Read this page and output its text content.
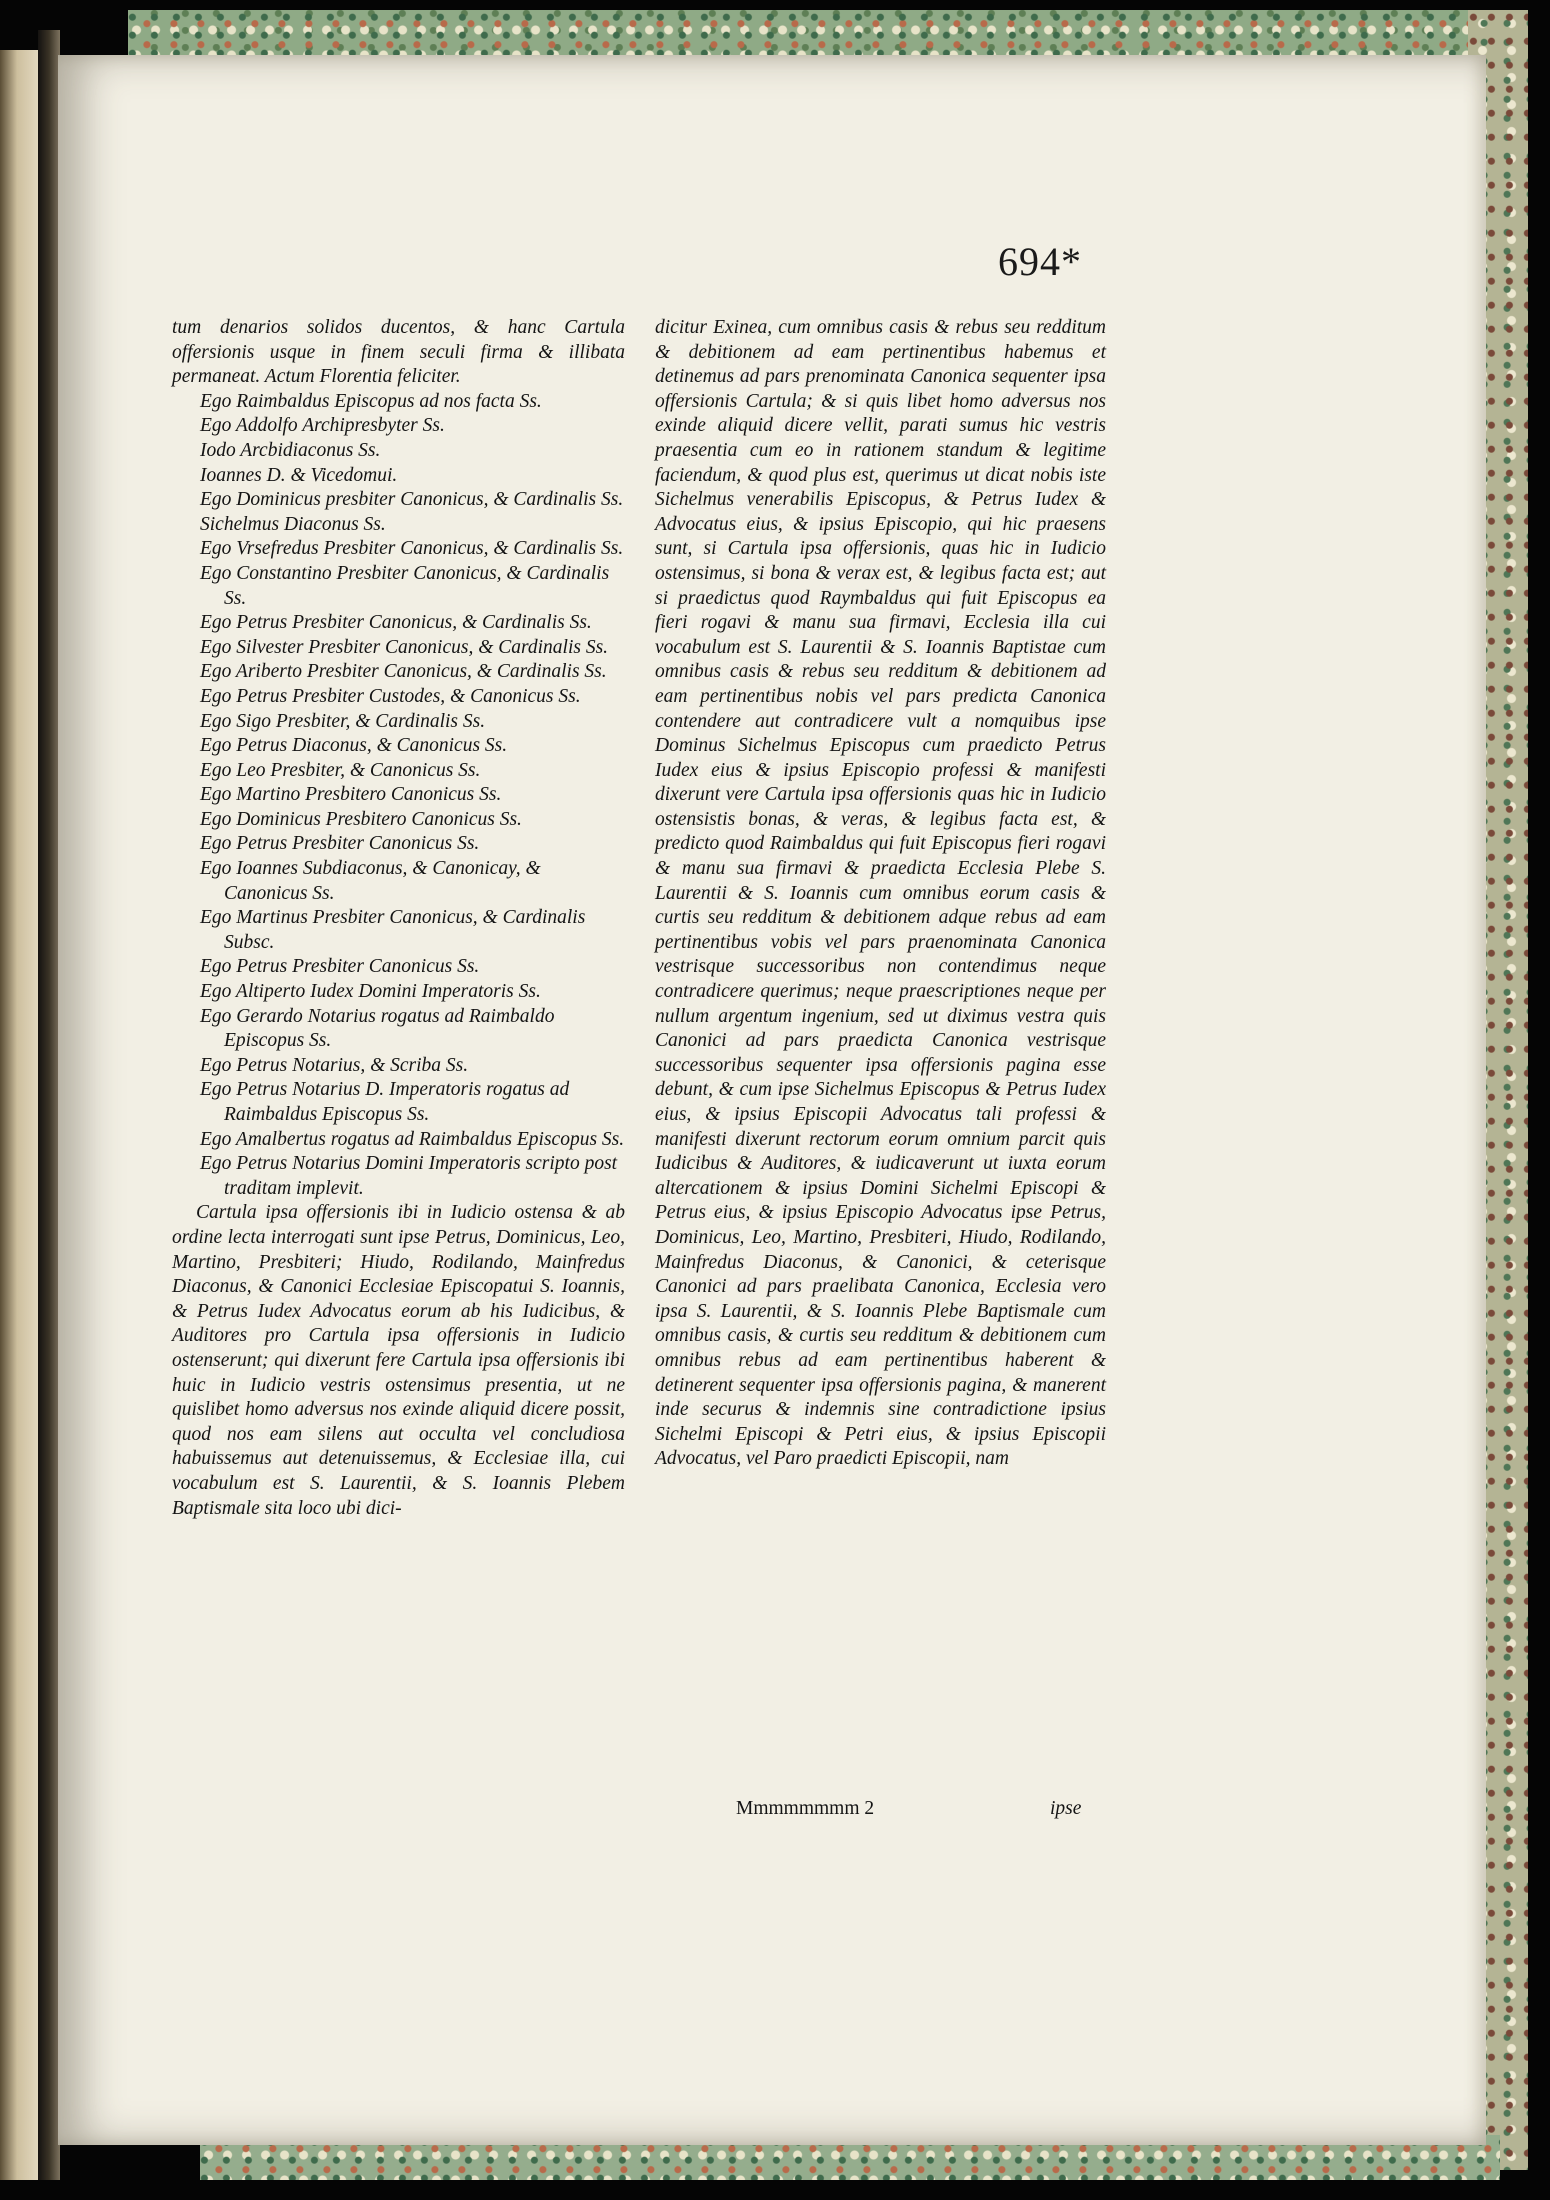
694*

tum denarios solidos ducentos, & hanc Cartula offersionis usque in finem seculi firma & illibata permaneat. Actum Florentia feliciter.

Ego Raimbaldus Episcopus ad nos facta Ss.

Ego Addolfo Archipresbyter Ss.

Iodo Arcbidiaconus Ss.

Ioannes D. & Vicedomui.

Ego Dominicus presbiter Canonicus, & Cardinalis Ss.

Sichelmus Diaconus Ss.

Ego Vrsefredus Presbiter Canonicus, & Cardinalis Ss.

Ego Constantino Presbiter Canonicus, & Cardinalis Ss.

Ego Petrus Presbiter Canonicus, & Cardinalis Ss.

Ego Silvester Presbiter Canonicus, & Cardinalis Ss.

Ego Ariberto Presbiter Canonicus, & Cardinalis Ss.

Ego Petrus Presbiter Custodes, & Canonicus Ss.

Ego Sigo Presbiter, & Cardinalis Ss.

Ego Petrus Diaconus, & Canonicus Ss.

Ego Leo Presbiter, & Canonicus Ss.

Ego Martino Presbitero Canonicus Ss.

Ego Dominicus Presbitero Canonicus Ss.

Ego Petrus Presbiter Canonicus Ss.

Ego Ioannes Subdiaconus, & Canonicay, & Canonicus Ss.

Ego Martinus Presbiter Canonicus, & Cardinalis Subsc.

Ego Petrus Presbiter Canonicus Ss.

Ego Altiperto Iudex Domini Imperatoris Ss.

Ego Gerardo Notarius rogatus ad Raimbaldo Episcopus Ss.

Ego Petrus Notarius, & Scriba Ss.

Ego Petrus Notarius D. Imperatoris rogatus ad Raimbaldus Episcopus Ss.

Ego Amalbertus rogatus ad Raimbaldus Episcopus Ss.

Ego Petrus Notarius Domini Imperatoris scripto post traditam implevit.

Cartula ipsa offersionis ibi in Iudicio ostensa & ab ordine lecta interrogati sunt ipse Petrus, Dominicus, Leo, Martino, Presbiteri; Hiudo, Rodilando, Mainfredus Diaconus, & Canonici Ecclesiae Episcopatui S. Ioannis, & Petrus Iudex Advocatus eorum ab his Iudicibus, & Auditores pro Cartula ipsa offersionis in Iudicio ostenserunt; qui dixerunt fere Cartula ipsa offersionis ibi huic in Iudicio vestris ostensimus presentia, ut ne quislibet homo adversus nos exinde aliquid dicere possit, quod nos eam silens aut occulta vel concludiosa habuissemus aut detenuissemus, & Ecclesiae illa, cui vocabulum est S. Laurentii, & S. Ioannis Plebem Baptismale sita loco ubi dici-

dicitur Exinea, cum omnibus casis & rebus seu redditum & debitionem ad eam pertinentibus habemus et detinemus ad pars prenominata Canonica sequenter ipsa offersionis Cartula; & si quis libet homo adversus nos exinde aliquid dicere vellit, parati sumus hic vestris praesentia cum eo in rationem standum & legitime faciendum, & quod plus est, querimus ut dicat nobis iste Sichelmus venerabilis Episcopus, & Petrus Iudex & Advocatus eius, & ipsius Episcopio, qui hic praesens sunt, si Cartula ipsa offersionis, quas hic in Iudicio ostensimus, si bona & verax est, & legibus facta est; aut si praedictus quod Raymbaldus qui fuit Episcopus ea fieri rogavi & manu sua firmavi, Ecclesia illa cui vocabulum est S. Laurentii & S. Ioannis Baptistae cum omnibus casis & rebus seu redditum & debitionem ad eam pertinentibus nobis vel pars predicta Canonica contendere aut contradicere vult a nomquibus ipse Dominus Sichelmus Episcopus cum praedicto Petrus Iudex eius & ipsius Episcopio professi & manifesti dixerunt vere Cartula ipsa offersionis quas hic in Iudicio ostensistis bonas, & veras, & legibus facta est, & predicto quod Raimbaldus qui fuit Episcopus fieri rogavi & manu sua firmavi & praedicta Ecclesia Plebe S. Laurentii & S. Ioannis cum omnibus eorum casis & curtis seu redditum & debitionem adque rebus ad eam pertinentibus vobis vel pars praenominata Canonica vestrisque successoribus non contendimus neque contradicere querimus; neque praescriptiones neque per nullum argentum ingenium, sed ut diximus vestra quis Canonici ad pars praedicta Canonica vestrisque successoribus sequenter ipsa offersionis pagina esse debunt, & cum ipse Sichelmus Episcopus & Petrus Iudex eius, & ipsius Episcopii Advocatus tali professi & manifesti dixerunt rectorum eorum omnium parcit quis Iudicibus & Auditores, & iudicaverunt ut iuxta eorum altercationem & ipsius Domini Sichelmi Episcopi & Petrus eius, & ipsius Episcopio Advocatus ipse Petrus, Dominicus, Leo, Martino, Presbiteri, Hiudo, Rodilando, Mainfredus Diaconus, & Canonici, & ceterisque Canonici ad pars praelibata Canonica, Ecclesia vero ipsa S. Laurentii, & S. Ioannis Plebe Baptismale cum omnibus casis, & curtis seu redditum & debitionem cum omnibus rebus ad eam pertinentibus haberent & detinerent sequenter ipsa offersionis pagina, & manerent inde securus & indemnis sine contradictione ipsius Sichelmi Episcopi & Petri eius, & ipsius Episcopii Advocatus, vel Paro praedicti Episcopii, nam

Mmmmmmmm 2	ipse
